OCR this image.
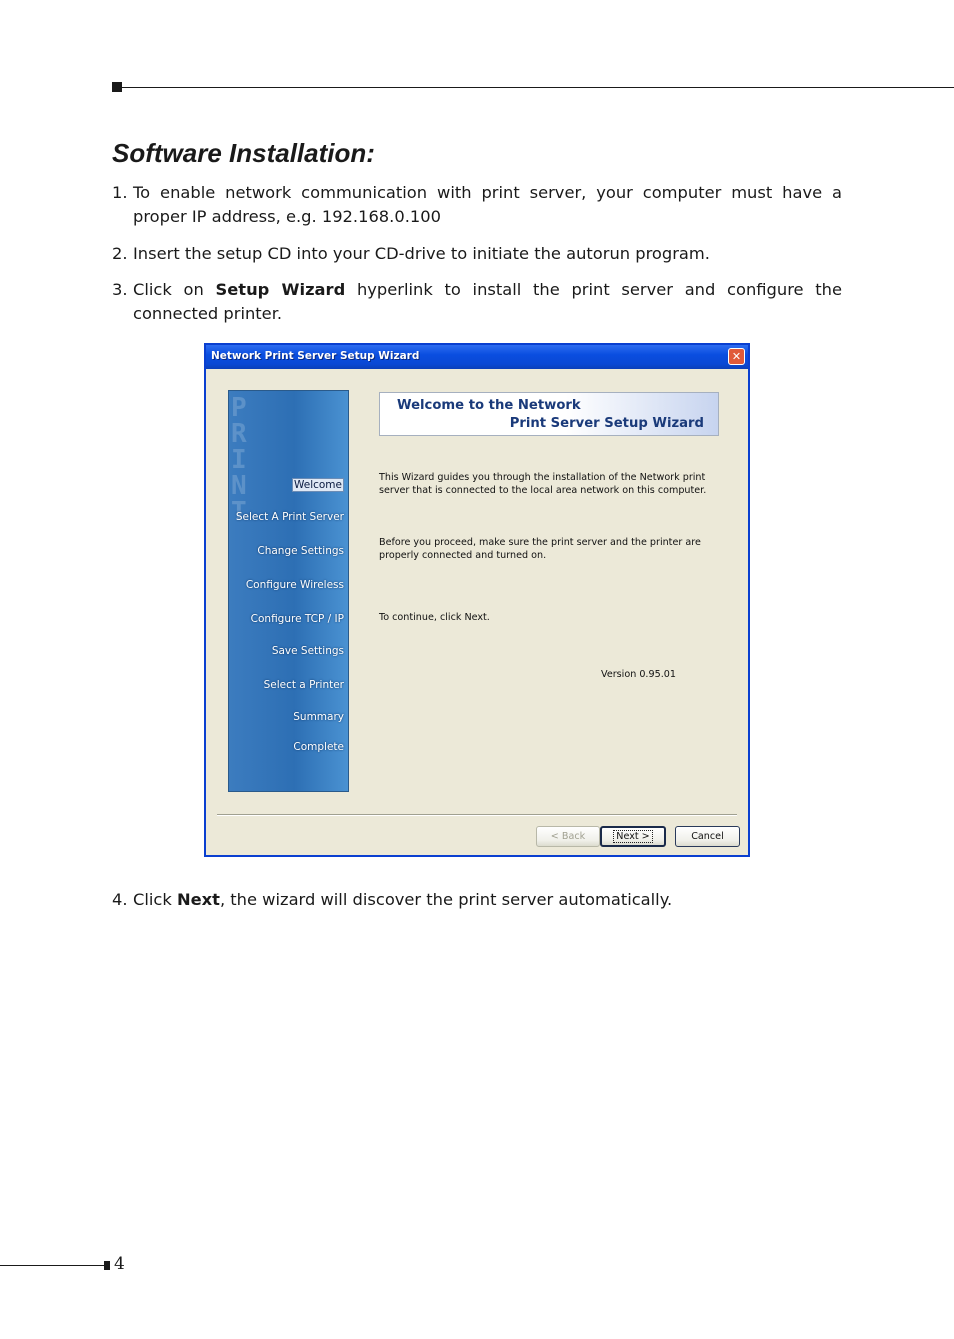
Software Installation:
1. To enable network communication with print server, your computer must have a proper IP address, e.g. 192.168.0.100
2. Insert the setup CD into your CD-drive to initiate the autorun program.
3. Click on Setup Wizard hyperlink to install the print server and configure the connected printer.
Network Print Server Setup Wizard	✕
PRINT
Welcome
Select A Print Server
Change Settings
Configure Wireless
Configure TCP / IP
Save Settings
Select a Printer
Summary
Complete
Welcome to the Network
Print Server Setup Wizard
This Wizard guides you through the installation of the Network print server that is connected to the local area network on this computer.
Before you proceed, make sure the print server and the printer are properly connected and turned on.
To continue, click Next.
Version 0.95.01
< Back	Next >	Cancel
4. Click Next, the wizard will discover the print server automatically.
4
